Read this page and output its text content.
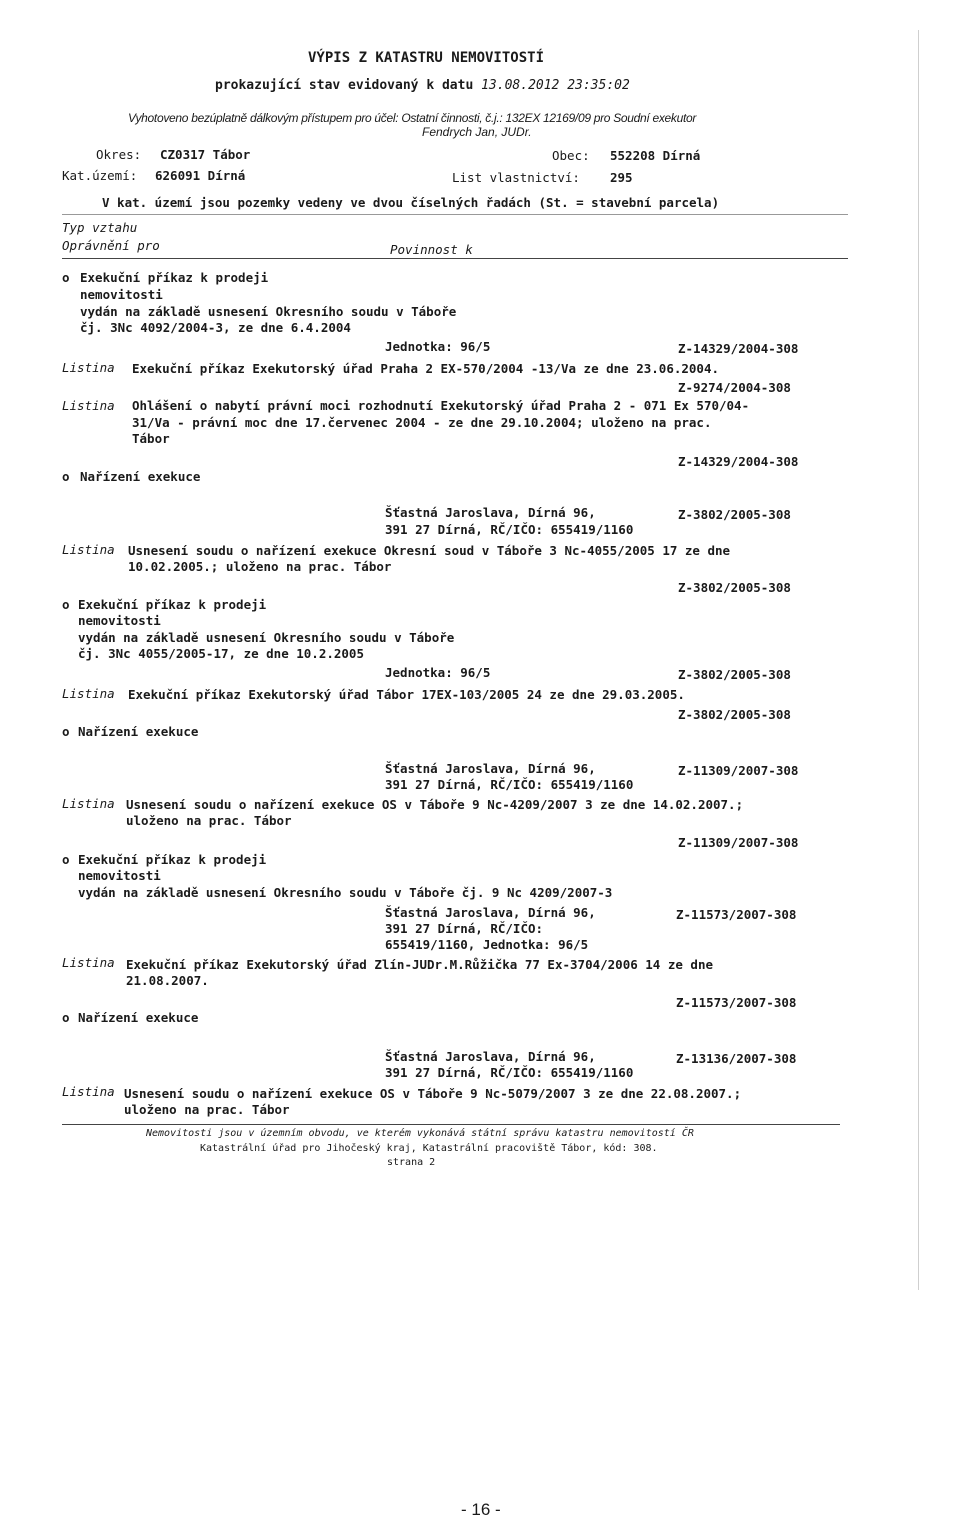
VÝPIS Z KATASTRU NEMOVITOSTÍ
prokazující stav evidovaný k datu 13.08.2012 23:35:02
Vyhotoveno bezúplatně dálkovým přístupem pro účel: Ostatní činnosti, č.j.: 132EX 12169/09 pro Soudní exekutor
Fendrych Jan, JUDr.
Okres: CZ0317 Tábor	Obec: 552208 Dírná
Kat.území: 626091 Dírná	List vlastnictví: 295
V kat. území jsou pozemky vedeny ve dvou číselných řadách (St. = stavební parcela)
Typ vztahu
Oprávnění pro	Povinnost k
o Exekuční příkaz k prodeji
nemovitosti
vydán na základě usnesení Okresního soudu v Táboře
čj. 3Nc 4092/2004-3, ze dne 6.4.2004
Jednotka: 96/5	Z-14329/2004-308
Listina Exekuční příkaz Exekutorský úřad Praha 2 EX-570/2004 -13/Va ze dne 23.06.2004.
Z-9274/2004-308
Listina Ohlášení o nabytí právní moci rozhodnutí Exekutorský úřad Praha 2 - 071 Ex 570/04-
31/Va - právní moc dne 17.červenec 2004 - ze dne 29.10.2004; uloženo na prac.
Tábor
Z-14329/2004-308
o Nařízení exekuce
Šťastná Jaroslava, Dírná 96,	Z-3802/2005-308
391 27 Dírná, RČ/IČO: 655419/1160
Listina Usnesení soudu o nařízení exekuce Okresní soud v Táboře 3 Nc-4055/2005 17 ze dne
10.02.2005.; uloženo na prac. Tábor
Z-3802/2005-308
o Exekuční příkaz k prodeji
nemovitosti
vydán na základě usnesení Okresního soudu v Táboře
čj. 3Nc 4055/2005-17, ze dne 10.2.2005
Jednotka: 96/5	Z-3802/2005-308
Listina Exekuční příkaz Exekutorský úřad Tábor 17EX-103/2005 24 ze dne 29.03.2005.
Z-3802/2005-308
o Nařízení exekuce
Šťastná Jaroslava, Dírná 96,	Z-11309/2007-308
391 27 Dírná, RČ/IČO: 655419/1160
Listina Usnesení soudu o nařízení exekuce OS v Táboře 9 Nc-4209/2007 3 ze dne 14.02.2007.;
uloženo na prac. Tábor
Z-11309/2007-308
o Exekuční příkaz k prodeji
nemovitosti
vydán na základě usnesení Okresního soudu v Táboře čj. 9 Nc 4209/2007-3
Šťastná Jaroslava, Dírná 96,	Z-11573/2007-308
391 27 Dírná, RČ/IČO:
655419/1160, Jednotka: 96/5
Listina Exekuční příkaz Exekutorský úřad Zlín-JUDr.M.Růžička 77 Ex-3704/2006 14 ze dne
21.08.2007.
Z-11573/2007-308
o Nařízení exekuce
Šťastná Jaroslava, Dírná 96,	Z-13136/2007-308
391 27 Dírná, RČ/IČO: 655419/1160
Listina Usnesení soudu o nařízení exekuce OS v Táboře 9 Nc-5079/2007 3 ze dne 22.08.2007.;
uloženo na prac. Tábor
Nemovitosti jsou v územním obvodu, ve kterém vykonává státní správu katastru nemovitostí ČR
Katastrální úřad pro Jihočeský kraj, Katastrální pracoviště Tábor, kód: 308.
strana 2
- 16 -
